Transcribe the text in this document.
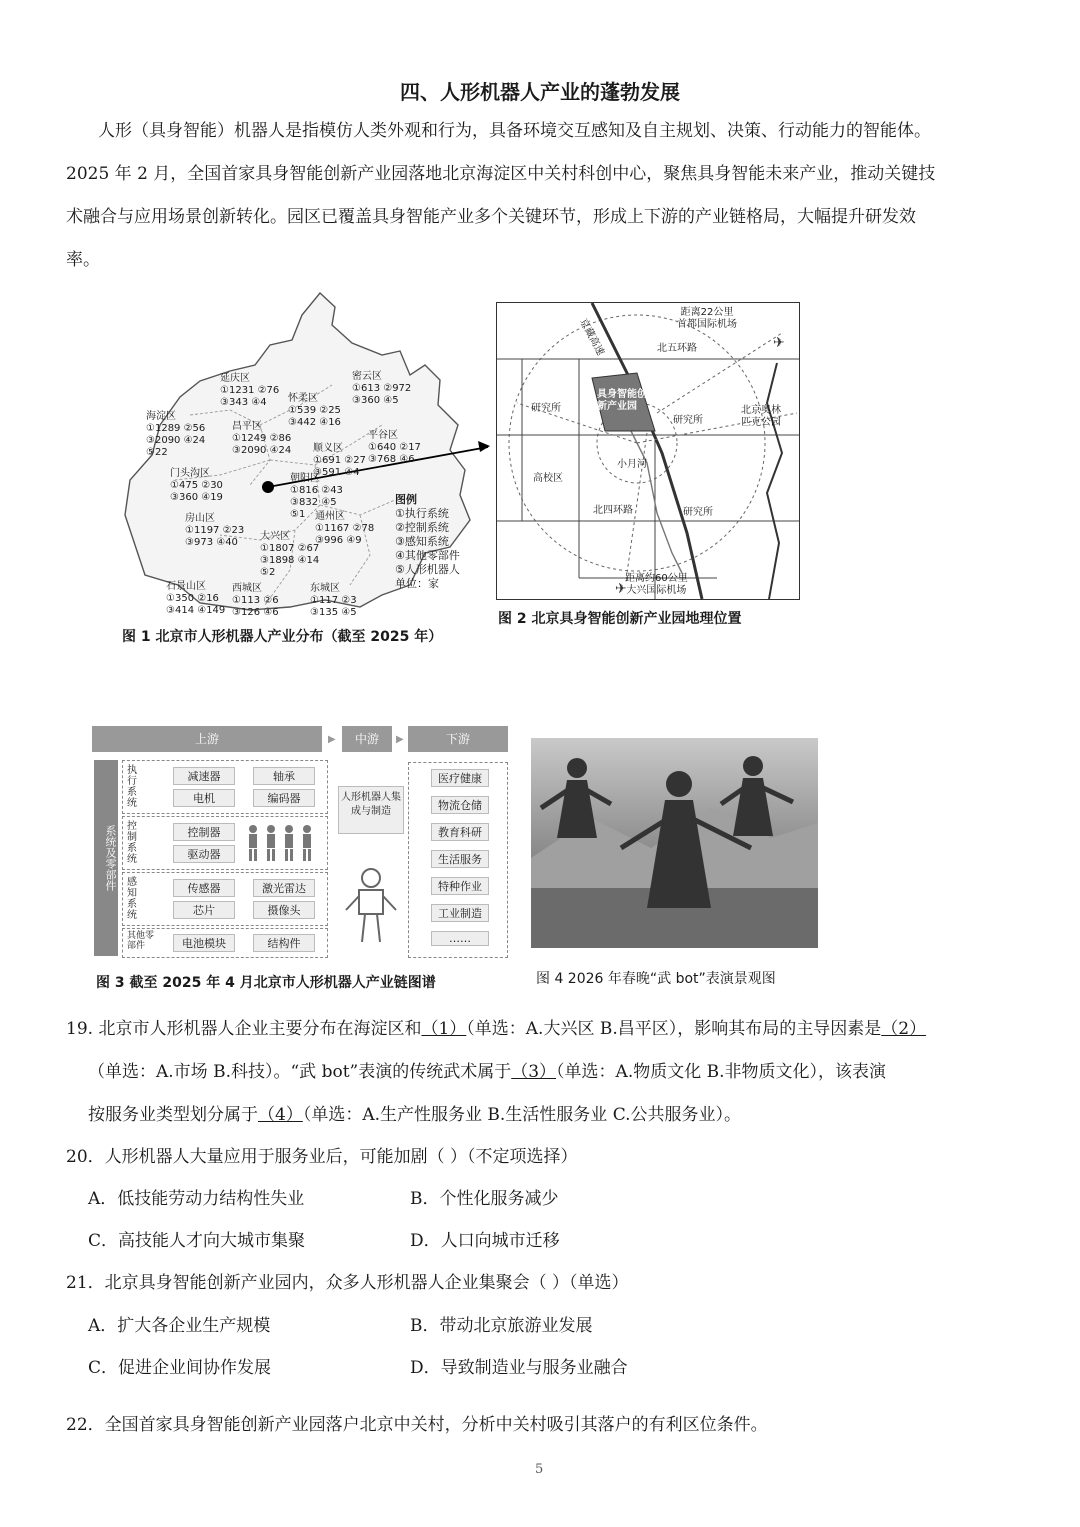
四、人形机器人产业的蓬勃发展
人形（具身智能）机器人是指模仿人类外观和行为，具备环境交互感知及自主规划、决策、行动能力的智能体。
2025 年 2 月，全国首家具身智能创新产业园落地北京海淀区中关村科创中心，聚焦具身智能未来产业，推动关键技
术融合与应用场景创新转化。园区已覆盖具身智能产业多个关键环节，形成上下游的产业链格局，大幅提升研发效
率。
延庆区
①1231 ②76
③343 ④4	怀柔区
①539 ②25
③442 ④16
密云区
①613 ②972
③360 ④5
海淀区
①1289 ②56
③2090 ④24
⑤22
昌平区
①1249 ②86
③2090 ④24 顺义区
①691 ②27
③591 ④4
平谷区
①640 ②17
③768 ④6
门头沟区
①475 ②30
③360 ④19
朝阳区
①816 ②43
③832 ④5
⑤1
房山区
①1197 ②23
③973 ④40
通州区
①1167 ②78
③996 ④9
大兴区
①1807 ②67
③1898 ④14
⑤2
石景山区
①350 ②16
③414 ④149
西城区
①113 ②6
③126 ④6
东城区
①117 ②3
③135 ④5
图例
①执行系统
②控制系统
③感知系统
④其他零部件
⑤人形机器人
单位：家
图 1 北京市人形机器人产业分布（截至 2025 年）
✈
✈
距离22公里
首都国际机场
京藏高速	北五环路
研究所
具身智能创新产业园
研究所
北京奥林匹克公园
小月河
高校区
北四环路	研究所
距离约60公里
大兴国际机场
图 2 北京具身智能创新产业园地理位置
上游	▶	中游	▶	下游
系统及零部件
执行系统
减速器	轴承
电机	编码器
控制系统
控制器
驱动器
感知系统
传感器	激光雷达
芯片	摄像头
其他零部件	电池模块	结构件
人形机器人集成与制造
医疗健康
物流仓储
教育科研
生活服务
特种作业
工业制造
……
图 3 截至 2025 年 4 月北京市人形机器人产业链图谱	图 4 2026 年春晚“武 bot”表演景观图
19. 北京市人形机器人企业主要分布在海淀区和（1）（单选：A.大兴区 B.昌平区），影响其布局的主导因素是（2）
（单选：A.市场 B.科技）。“武 bot”表演的传统武术属于（3）（单选：A.物质文化 B.非物质文化），该表演
按服务业类型划分属于（4）（单选：A.生产性服务业 B.生活性服务业 C.公共服务业）。
20．人形机器人大量应用于服务业后，可能加剧（ ）（不定项选择）
A．低技能劳动力结构性失业	B．个性化服务减少
C．高技能人才向大城市集聚	D．人口向城市迁移
21．北京具身智能创新产业园内，众多人形机器人企业集聚会（ ）（单选）
A．扩大各企业生产规模	B．带动北京旅游业发展
C．促进企业间协作发展	D．导致制造业与服务业融合
22．全国首家具身智能创新产业园落户北京中关村，分析中关村吸引其落户的有利区位条件。
5
